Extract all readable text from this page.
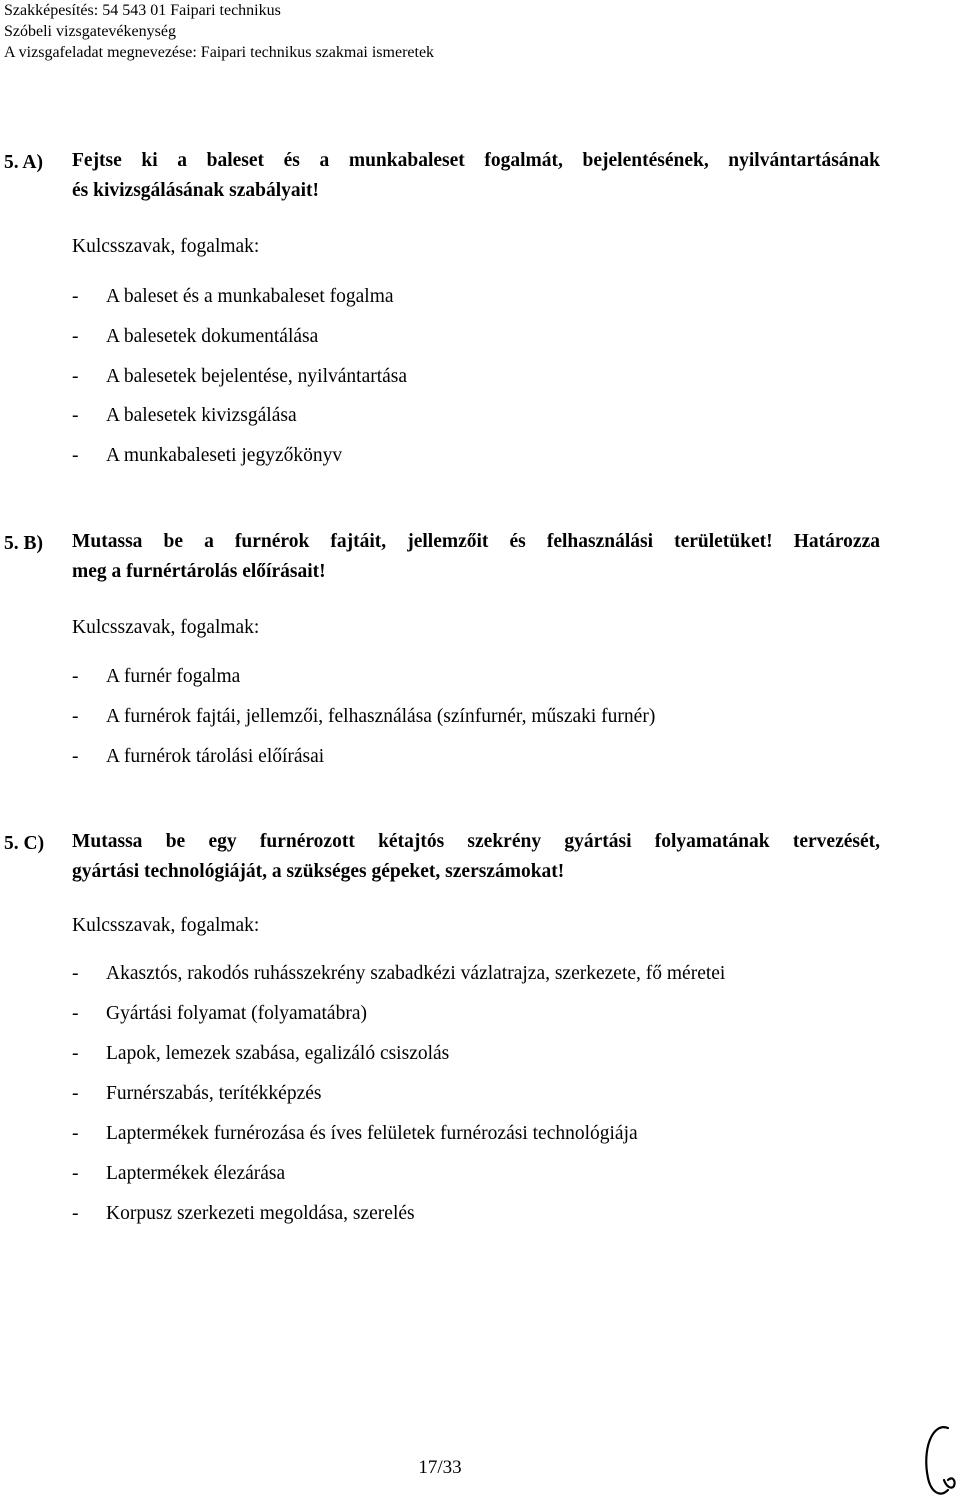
Szakképesítés: 54 543 01 Faipari technikus
Szóbeli vizsgatevékenység
A vizsgafeladat megnevezése: Faipari technikus szakmai ismeretek
5. A) Fejtse ki a baleset és a munkabaleset fogalmát, bejelentésének, nyilvántartásának
és kivizsgálásának szabályait!
Kulcsszavak, fogalmak:
- A baleset és a munkabaleset fogalma
- A balesetek dokumentálása
- A balesetek bejelentése, nyilvántartása
- A balesetek kivizsgálása
- A munkabaleseti jegyzőkönyv
5. B) Mutassa be a furnérok fajtáit, jellemzőit és felhasználási területüket! Határozza
meg a furnértárolás előírásait!
Kulcsszavak, fogalmak:
- A furnér fogalma
- A furnérok fajtái, jellemzői, felhasználása (színfurnér, műszaki furnér)
- A furnérok tárolási előírásai
5. C) Mutassa be egy furnérozott kétajtós szekrény gyártási folyamatának tervezését,
gyártási technológiáját, a szükséges gépeket, szerszámokat!
Kulcsszavak, fogalmak:
- Akasztós, rakodós ruhásszekrény szabadkézi vázlatrajza, szerkezete, fő méretei
- Gyártási folyamat (folyamatábra)
- Lapok, lemezek szabása, egalizáló csiszolás
- Furnérszabás, terítékképzés
- Laptermékek furnérozása és íves felületek furnérozási technológiája
- Laptermékek élezárása
- Korpusz szerkezeti megoldása, szerelés
17/33
